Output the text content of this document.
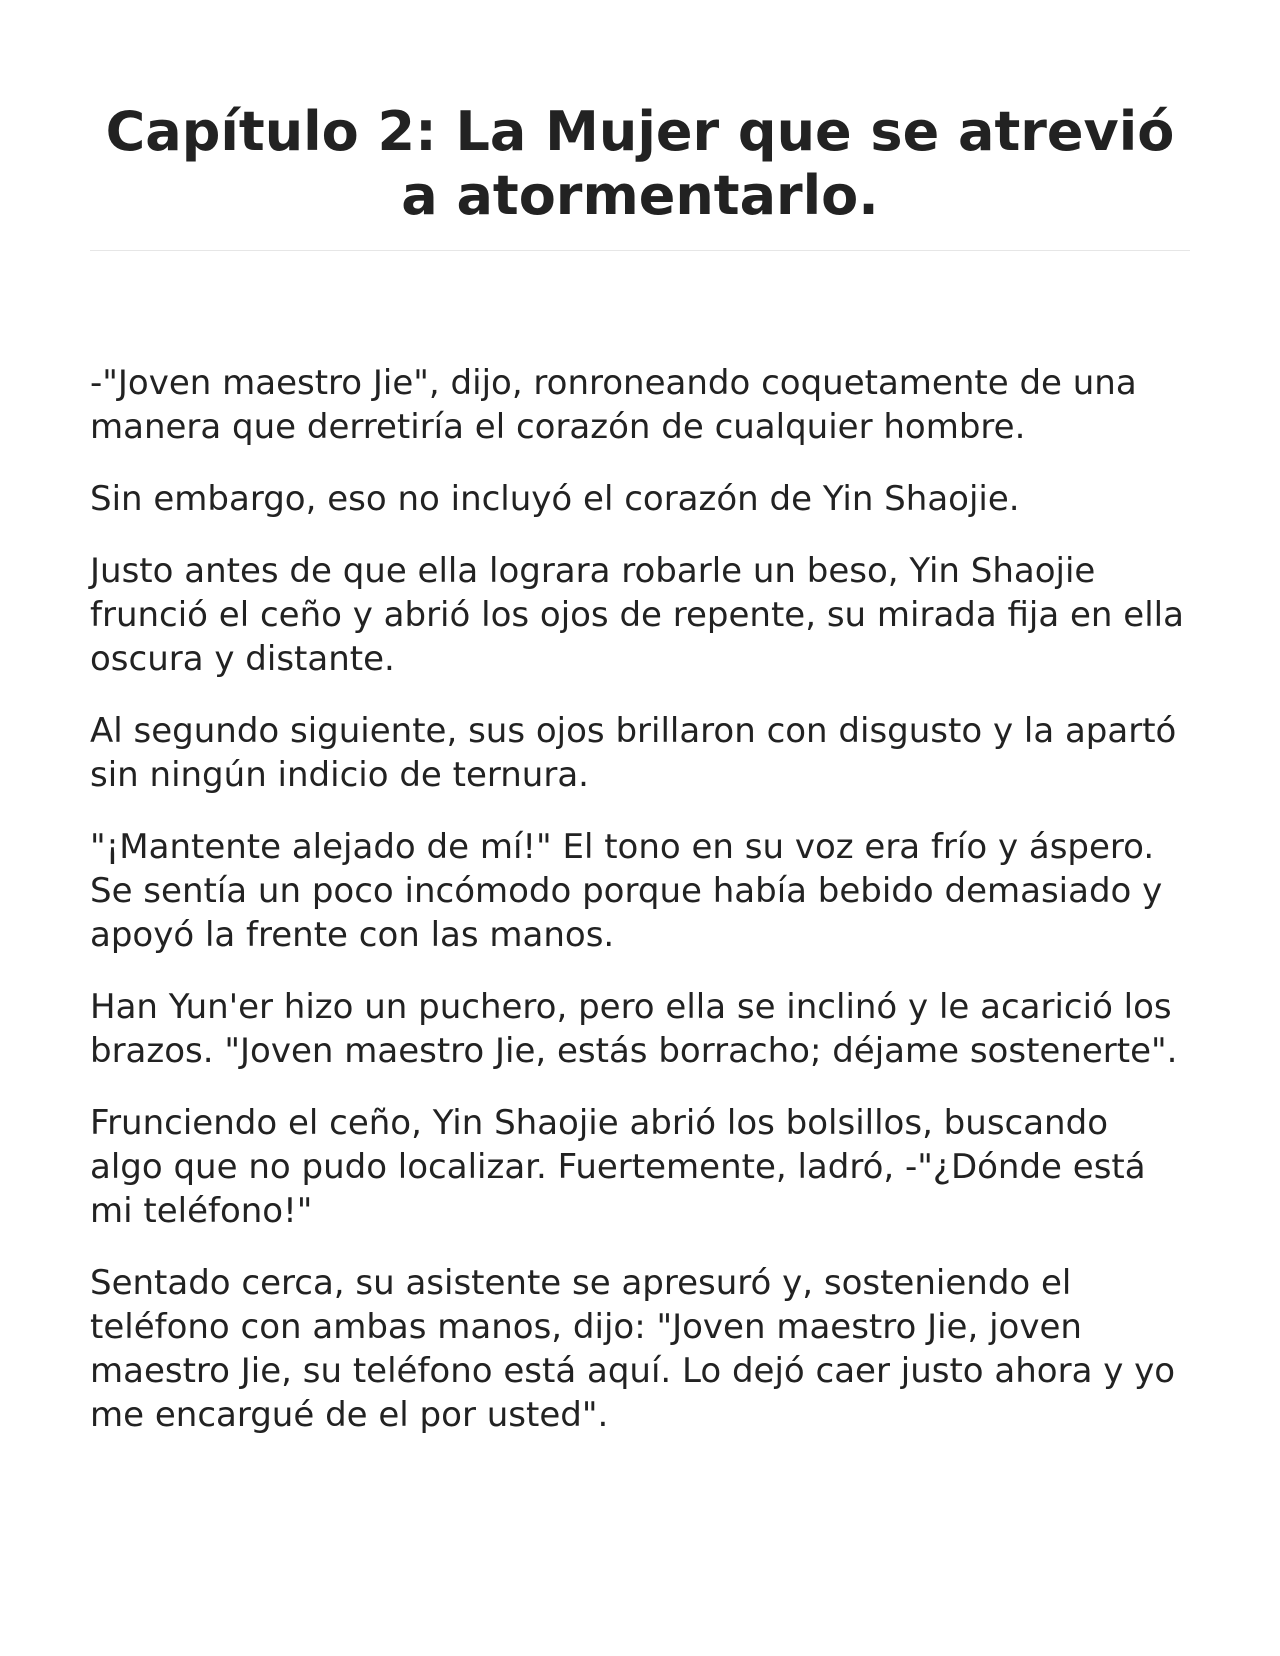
Capítulo 2: La Mujer que se atrevió a atormentarlo.

-"Joven maestro Jie", dijo, ronroneando coquetamente de una manera que derretiría el corazón de cualquier hombre.

Sin embargo, eso no incluyó el corazón de Yin Shaojie.

Justo antes de que ella lograra robarle un beso, Yin Shaojie frunció el ceño y abrió los ojos de repente, su mirada fija en ella oscura y distante.

Al segundo siguiente, sus ojos brillaron con disgusto y la apartó sin ningún indicio de ternura.

"¡Mantente alejado de mí!" El tono en su voz era frío y áspero. Se sentía un poco incómodo porque había bebido demasiado y apoyó la frente con las manos.

Han Yun'er hizo un puchero, pero ella se inclinó y le acarició los brazos. "Joven maestro Jie, estás borracho; déjame sostenerte".

Frunciendo el ceño, Yin Shaojie abrió los bolsillos, buscando algo que no pudo localizar. Fuertemente, ladró, -"¿Dónde está mi teléfono!"

Sentado cerca, su asistente se apresuró y, sosteniendo el teléfono con ambas manos, dijo: "Joven maestro Jie, joven maestro Jie, su teléfono está aquí. Lo dejó caer justo ahora y yo me encargué de el por usted".
